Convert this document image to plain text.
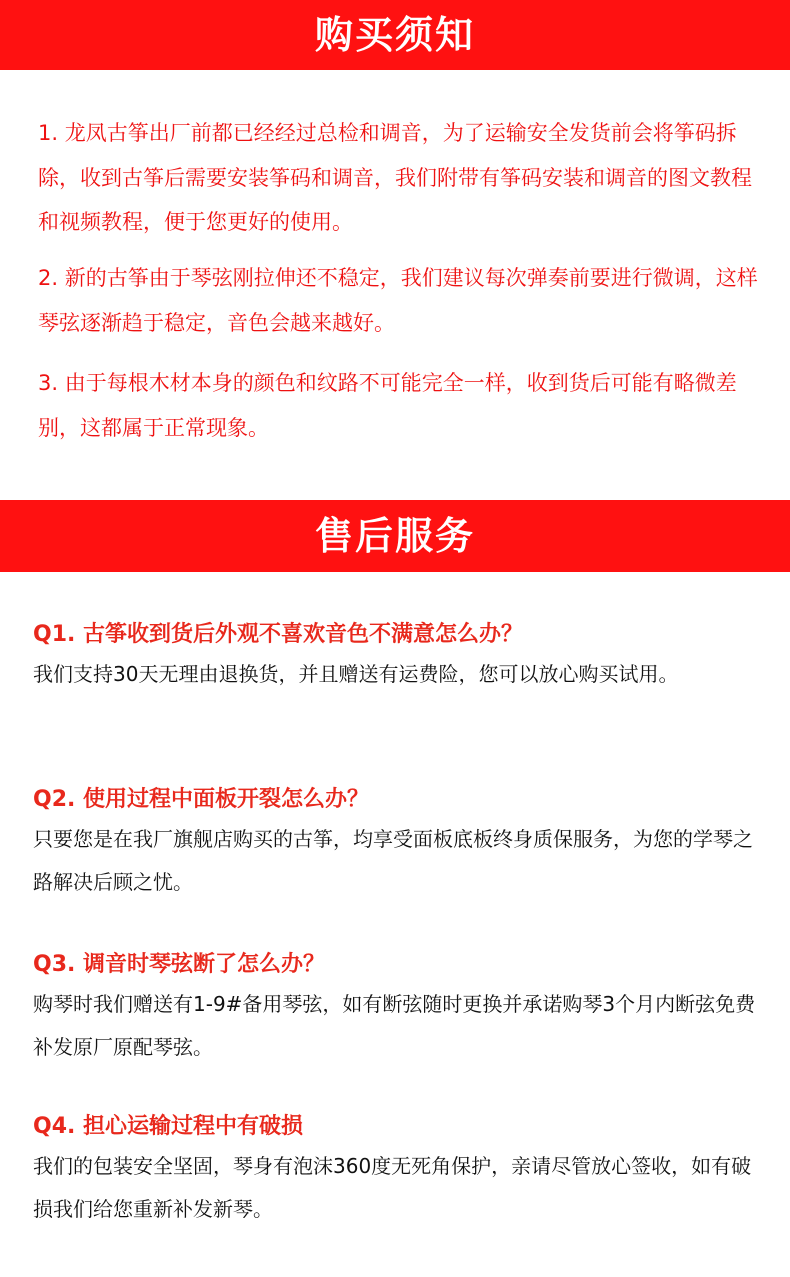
购买须知

1. 龙凤古筝出厂前都已经经过总检和调音，为了运输安全发货前会将筝码拆除，收到古筝后需要安装筝码和调音，我们附带有筝码安装和调音的图文教程和视频教程，便于您更好的使用。

2. 新的古筝由于琴弦刚拉伸还不稳定，我们建议每次弹奏前要进行微调，这样琴弦逐渐趋于稳定，音色会越来越好。

3. 由于每根木材本身的颜色和纹路不可能完全一样，收到货后可能有略微差别，这都属于正常现象。

售后服务
Q1. 古筝收到货后外观不喜欢音色不满意怎么办？
我们支持30天无理由退换货，并且赠送有运费险，您可以放心购买试用。
Q2. 使用过程中面板开裂怎么办？
只要您是在我厂旗舰店购买的古筝，均享受面板底板终身质保服务，为您的学琴之路解决后顾之忧。
Q3. 调音时琴弦断了怎么办？
购琴时我们赠送有1-9#备用琴弦，如有断弦随时更换并承诺购琴3个月内断弦免费补发原厂原配琴弦。
Q4. 担心运输过程中有破损
我们的包装安全坚固，琴身有泡沫360度无死角保护，亲请尽管放心签收，如有破损我们给您重新补发新琴。
